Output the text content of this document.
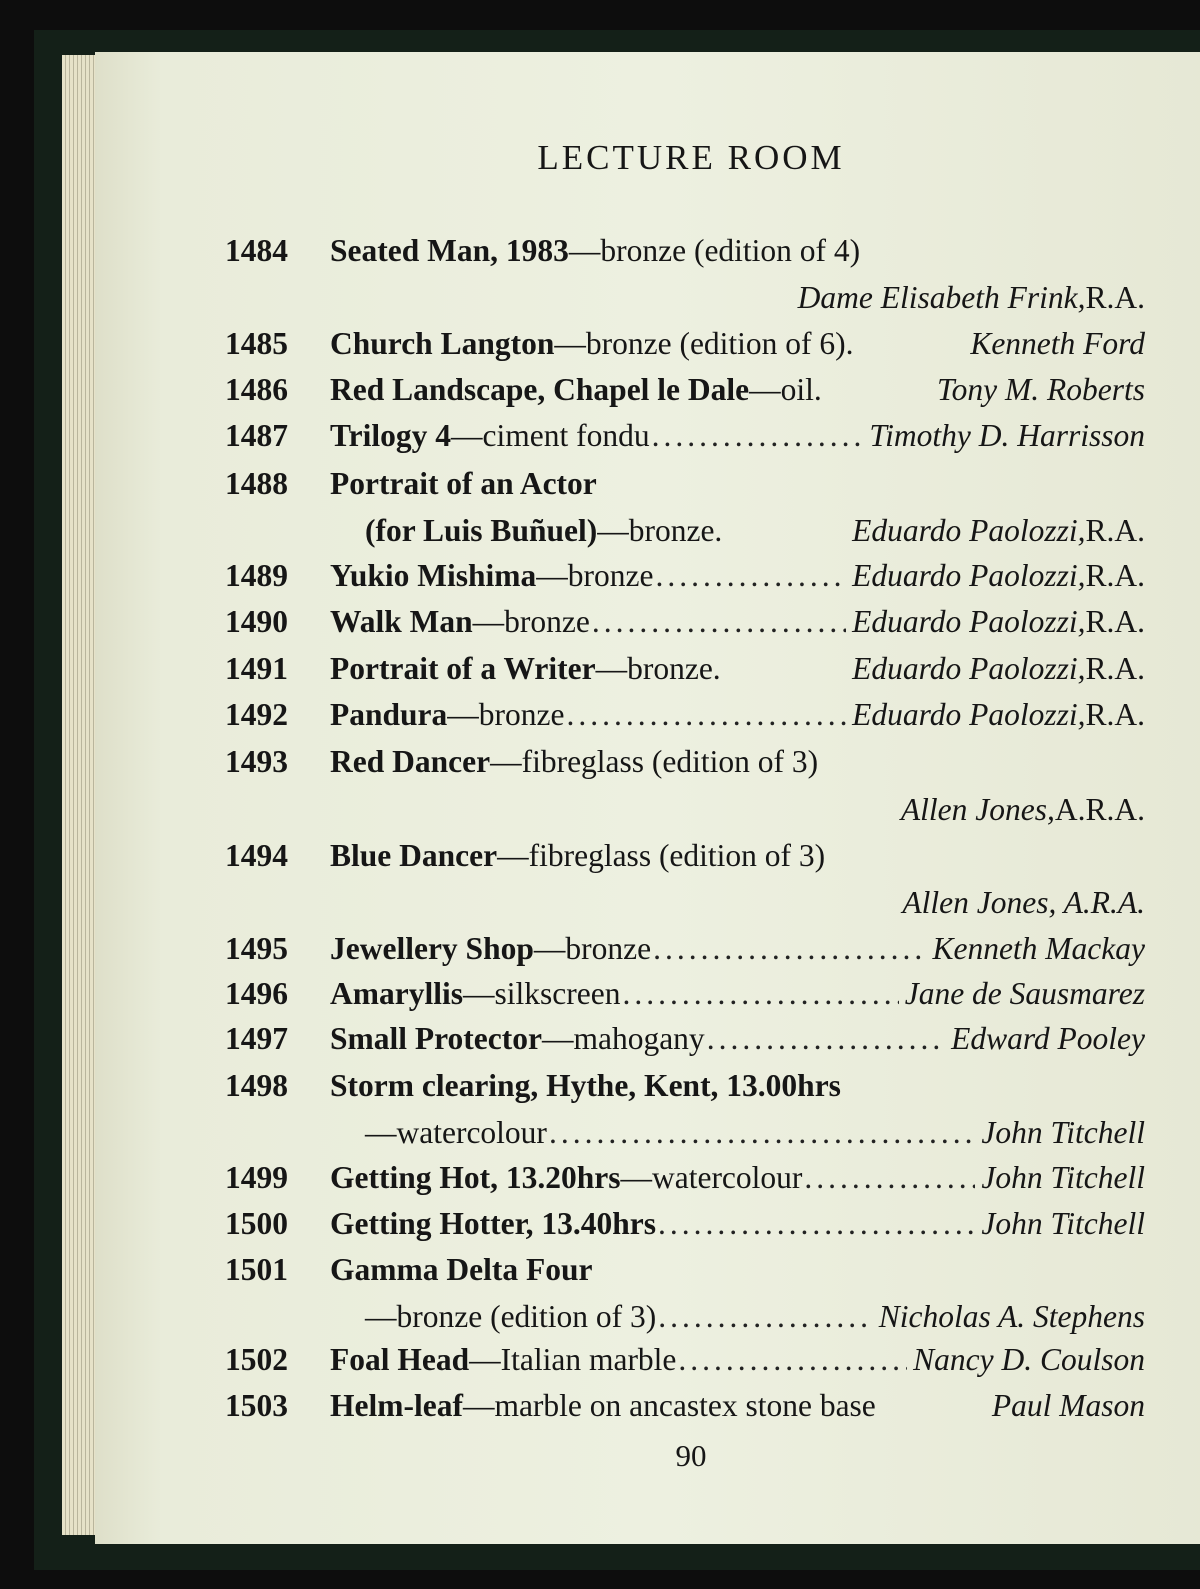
LECTURE ROOM
1484 Seated Man, 1983 —bronze (edition of 4)
Dame Elisabeth Frink, R.A.
1485 Church Langton —bronze (edition of 6).	Kenneth Ford
1486 Red Landscape, Chapel le Dale —oil.	Tony M. Roberts
1487 Trilogy 4 —ciment fondu .....	Timothy D. Harrisson
1488 Portrait of an Actor
(for Luis Buñuel) —bronze.	Eduardo Paolozzi, R.A.
1489 Yukio Mishima —bronze .....	Eduardo Paolozzi, R.A.
1490 Walk Man —bronze .....	Eduardo Paolozzi, R.A.
1491 Portrait of a Writer —bronze.	Eduardo Paolozzi, R.A.
1492 Pandura —bronze .....	Eduardo Paolozzi, R.A.
1493 Red Dancer —fibreglass (edition of 3)
Allen Jones, A.R.A.
1494 Blue Dancer —fibreglass (edition of 3)
Allen Jones, A.R.A.
1495 Jewellery Shop —bronze .....	Kenneth Mackay
1496 Amaryllis —silkscreen .....	Jane de Sausmarez
1497 Small Protector —mahogany .....	Edward Pooley
1498 Storm clearing, Hythe, Kent, 13.00hrs
—watercolour .....	John Titchell
1499 Getting Hot, 13.20hrs —watercolour .....	John Titchell
1500 Getting Hotter, 13.40hrs .....	John Titchell
1501 Gamma Delta Four
—bronze (edition of 3) .....	Nicholas A. Stephens
1502 Foal Head —Italian marble .....	Nancy D. Coulson
1503 Helm-leaf —marble on ancastex stone base	Paul Mason
90
